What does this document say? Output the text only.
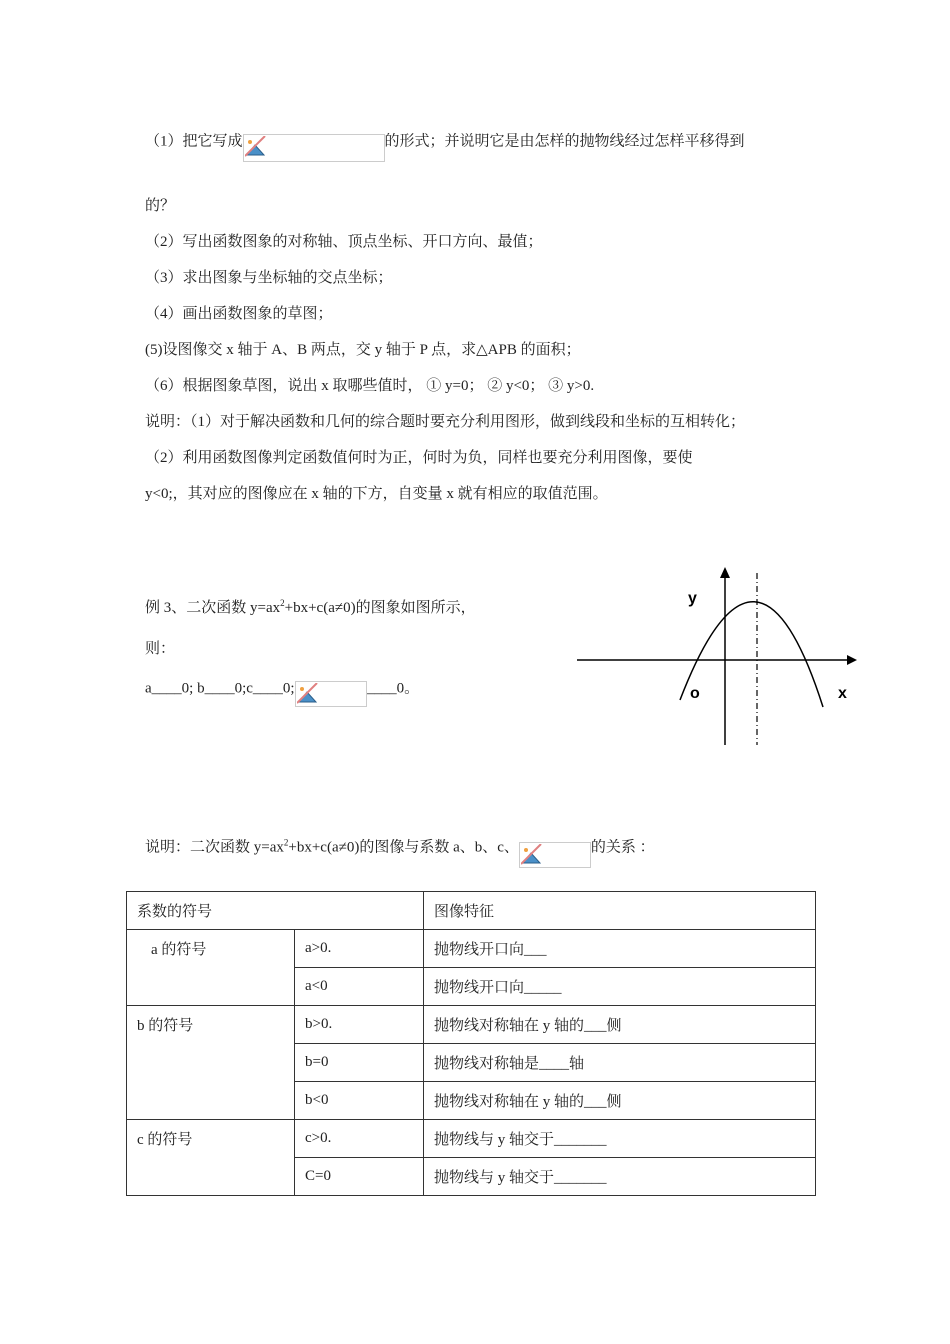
（1）把它写成	的形式；并说明它是由怎样的抛物线经过怎样平移得到
的？
（2）写出函数图象的对称轴、顶点坐标、开口方向、最值；
（3）求出图象与坐标轴的交点坐标；
（4）画出函数图象的草图；
(5)设图像交 x 轴于 A、B 两点，交 y 轴于 P 点，求△APB 的面积；
（6）根据图象草图，说出 x 取哪些值时， ① y=0； ② y<0； ③ y>0.
说明：（1）对于解决函数和几何的综合题时要充分利用图形，做到线段和坐标的互相转化；
（2）利用函数图像判定函数值何时为正，何时为负，同样也要充分利用图像，要使
y<0;，其对应的图像应在 x 轴的下方，自变量 x 就有相应的取值范围。
例 3、二次函数 $y=ax^2+bx+c(a\ne 0)$的图象如图所示，
则：
a____0; b____0;c____0;	____0。
y
x
o
说明：二次函数 $y=ax^2+bx+c(a\ne 0)$的图像与系数 a、b、c、	的关系 ：
系数的符号		图像特征
a 的符号	a>0.	抛物线开口向___
	a<0	抛物线开口向_____
b 的符号	b>0.	抛物线对称轴在 y 轴的___侧
	b=0	抛物线对称轴是____轴
	b<0	抛物线对称轴在 y 轴的___侧
c 的符号	c>0.	抛物线与 y 轴交于_______
	C=0	抛物线与 y 轴交于_______
